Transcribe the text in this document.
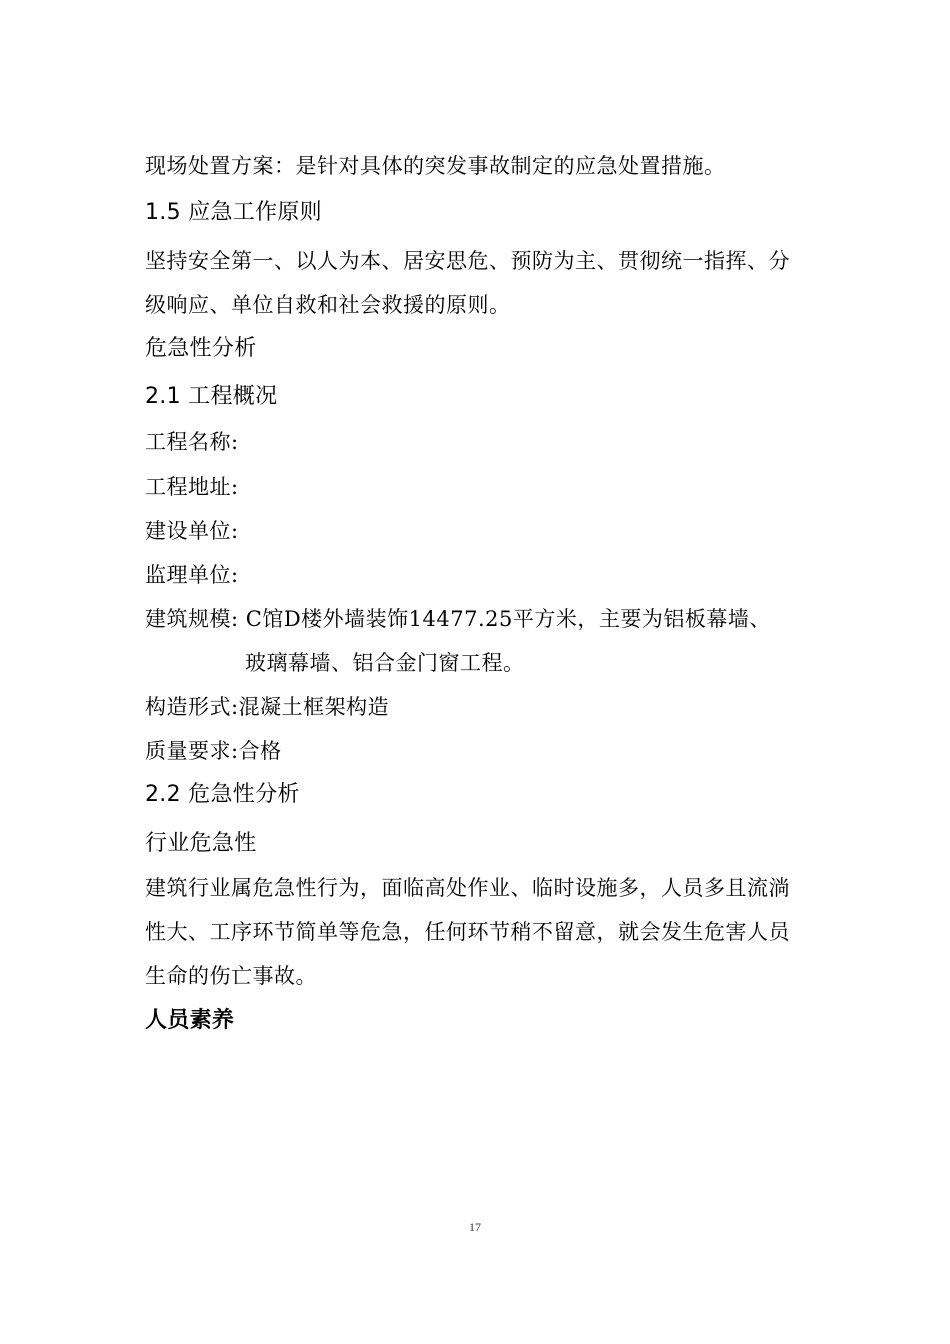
现场处置方案：是针对具体的突发事故制定的应急处置措施。
1.5 应急工作原则
坚持安全第一、以人为本、居安思危、预防为主、贯彻统一指挥、分
级响应、单位自救和社会救援的原则。
危急性分析
2.1 工程概况
工程名称:
工程地址:
建设单位:
监理单位:
建筑规模: C馆D楼外墙装饰14477.25平方米，主要为铝板幕墙、
玻璃幕墙、铝合金门窗工程。
构造形式:混凝土框架构造
质量要求:合格
2.2 危急性分析
行业危急性
建筑行业属危急性行为，面临高处作业、临时设施多，人员多且流淌
性大、工序环节简单等危急，任何环节稍不留意，就会发生危害人员
生命的伤亡事故。
人员素养
17
